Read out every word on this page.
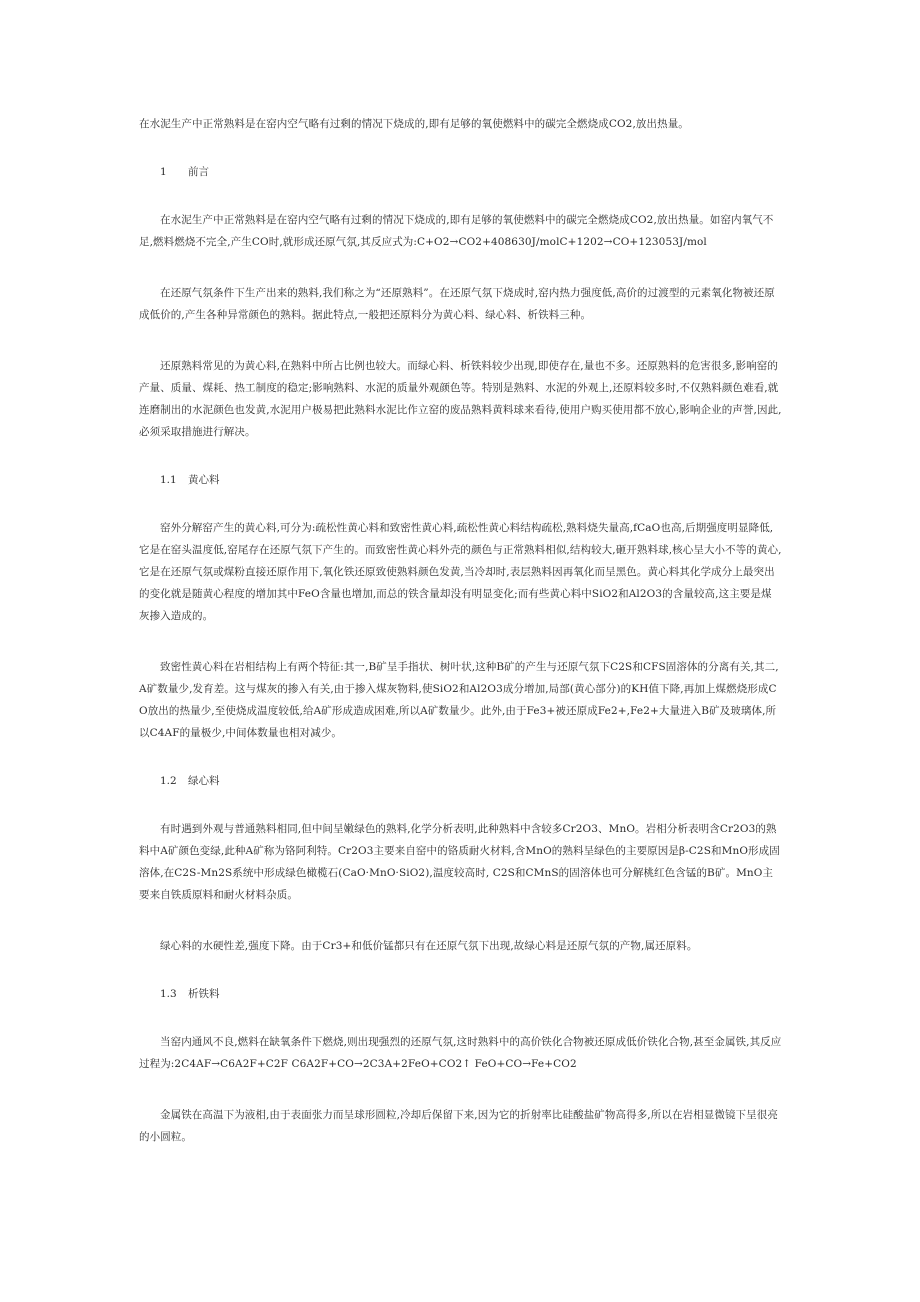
在水泥生产中正常熟料是在窑内空气略有过剩的情况下烧成的,即有足够的氧使燃料中的碳完全燃烧成CO2,放出热量。

1 前言

在水泥生产中正常熟料是在窑内空气略有过剩的情况下烧成的,即有足够的氧使燃料中的碳完全燃烧成CO2,放出热量。如窑内氧气不足,燃料燃烧不完全,产生CO时,就形成还原气氛,其反应式为:C+O2→CO2+408630J/molC+1202→CO+123053J/mol

在还原气氛条件下生产出来的熟料,我们称之为“还原熟料”。在还原气氛下烧成时,窑内热力强度低,高价的过渡型的元素氧化物被还原成低价的,产生各种异常颜色的熟料。据此特点,一般把还原料分为黄心料、绿心料、析铁料三种。

还原熟料常见的为黄心料,在熟料中所占比例也较大。而绿心料、析铁料较少出现,即使存在,量也不多。还原熟料的危害很多,影响窑的产量、质量、煤耗、热工制度的稳定;影响熟料、水泥的质量外观颜色等。特别是熟料、水泥的外观上,还原料较多时,不仅熟料颜色难看,就连磨制出的水泥颜色也发黄,水泥用户极易把此熟料水泥比作立窑的废品熟料黄料球来看待,使用户购买使用都不放心,影响企业的声誉,因此,必须采取措施进行解决。

1.1 黄心料

窑外分解窑产生的黄心料,可分为:疏松性黄心料和致密性黄心料,疏松性黄心料结构疏松,熟料烧失量高,fCaO也高,后期强度明显降低,它是在窑头温度低,窑尾存在还原气氛下产生的。而致密性黄心料外壳的颜色与正常熟料相似,结构较大,砸开熟料球,核心呈大小不等的黄心,它是在还原气氛或煤粉直接还原作用下,氧化铁还原致使熟料颜色发黄,当冷却时,表层熟料因再氧化而呈黑色。黄心料其化学成分上最突出的变化就是随黄心程度的增加其中FeO含量也增加,而总的铁含量却没有明显变化;而有些黄心料中SiO2和Al2O3的含量较高,这主要是煤灰掺入造成的。

致密性黄心料在岩相结构上有两个特征:其一,B矿呈手指状、树叶状,这种B矿的产生与还原气氛下C2S和CFS固溶体的分离有关,其二,A矿数量少,发育差。这与煤灰的掺入有关,由于掺入煤灰物料,使SiO2和Al2O3成分增加,局部(黄心部分)的KH值下降,再加上煤燃烧形成CO放出的热量少,至使烧成温度较低,给A矿形成造成困难,所以A矿数量少。此外,由于Fe3+被还原成Fe2+,Fe2+大量进入B矿及玻璃体,所以C4AF的量极少,中间体数量也相对减少。

1.2 绿心料

有时遇到外观与普通熟料相同,但中间呈嫩绿色的熟料,化学分析表明,此种熟料中含较多Cr2O3、MnO。岩相分析表明含Cr2O3的熟料中A矿颜色变绿,此种A矿称为铬阿利特。Cr2O3主要来自窑中的铬质耐火材料,含MnO的熟料呈绿色的主要原因是β-C2S和MnO形成固溶体,在C2S-Mn2S系统中形成绿色橄榄石(CaO·MnO·SiO2),温度较高时, C2S和CMnS的固溶体也可分解桃红色含锰的B矿。MnO主要来自铁质原料和耐火材料杂质。

绿心料的水硬性差,强度下降。由于Cr3+和低价锰都只有在还原气氛下出现,故绿心料是还原气氛的产物,属还原料。

1.3 析铁料

当窑内通风不良,燃料在缺氧条件下燃烧,则出现强烈的还原气氛,这时熟料中的高价铁化合物被还原成低价铁化合物,甚至金属铁,其反应过程为:2C4AF→C6A2F+C2F C6A2F+CO→2C3A+2FeO+CO2↑ FeO+CO→Fe+CO2

金属铁在高温下为液相,由于表面张力而呈球形圆粒,冷却后保留下来,因为它的折射率比硅酸盐矿物高得多,所以在岩相显微镜下呈很亮的小圆粒。
